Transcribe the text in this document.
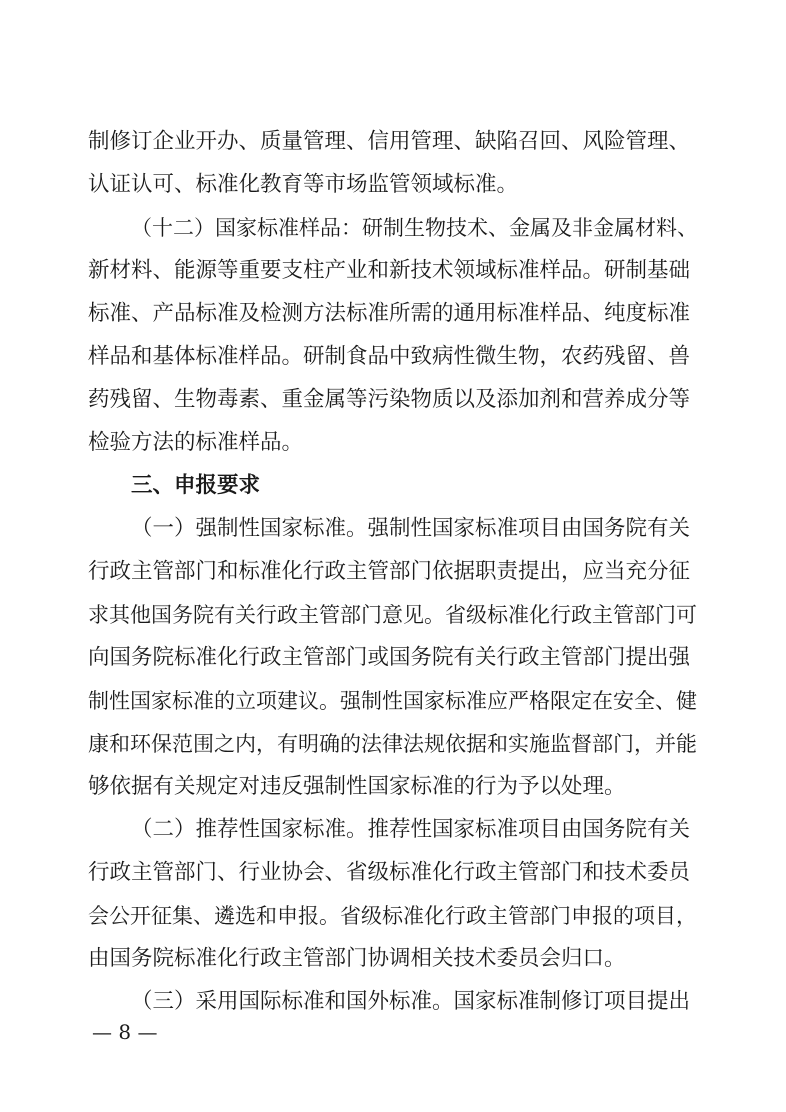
制修订企业开办、质量管理、信用管理、缺陷召回、风险管理、
认证认可、标准化教育等市场监管领域标准。
（十二）国家标准样品：研制生物技术、金属及非金属材料、
新材料、能源等重要支柱产业和新技术领域标准样品。研制基础
标准、产品标准及检测方法标准所需的通用标准样品、纯度标准
样品和基体标准样品。研制食品中致病性微生物，农药残留、兽
药残留、生物毒素、重金属等污染物质以及添加剂和营养成分等
检验方法的标准样品。
三、申报要求
（一）强制性国家标准。强制性国家标准项目由国务院有关
行政主管部门和标准化行政主管部门依据职责提出，应当充分征
求其他国务院有关行政主管部门意见。省级标准化行政主管部门可
向国务院标准化行政主管部门或国务院有关行政主管部门提出强
制性国家标准的立项建议。强制性国家标准应严格限定在安全、健
康和环保范围之内，有明确的法律法规依据和实施监督部门，并能
够依据有关规定对违反强制性国家标准的行为予以处理。
（二）推荐性国家标准。推荐性国家标准项目由国务院有关
行政主管部门、行业协会、省级标准化行政主管部门和技术委员
会公开征集、遴选和申报。省级标准化行政主管部门申报的项目，
由国务院标准化行政主管部门协调相关技术委员会归口。
（三）采用国际标准和国外标准。国家标准制修订项目提出
— 8 —
